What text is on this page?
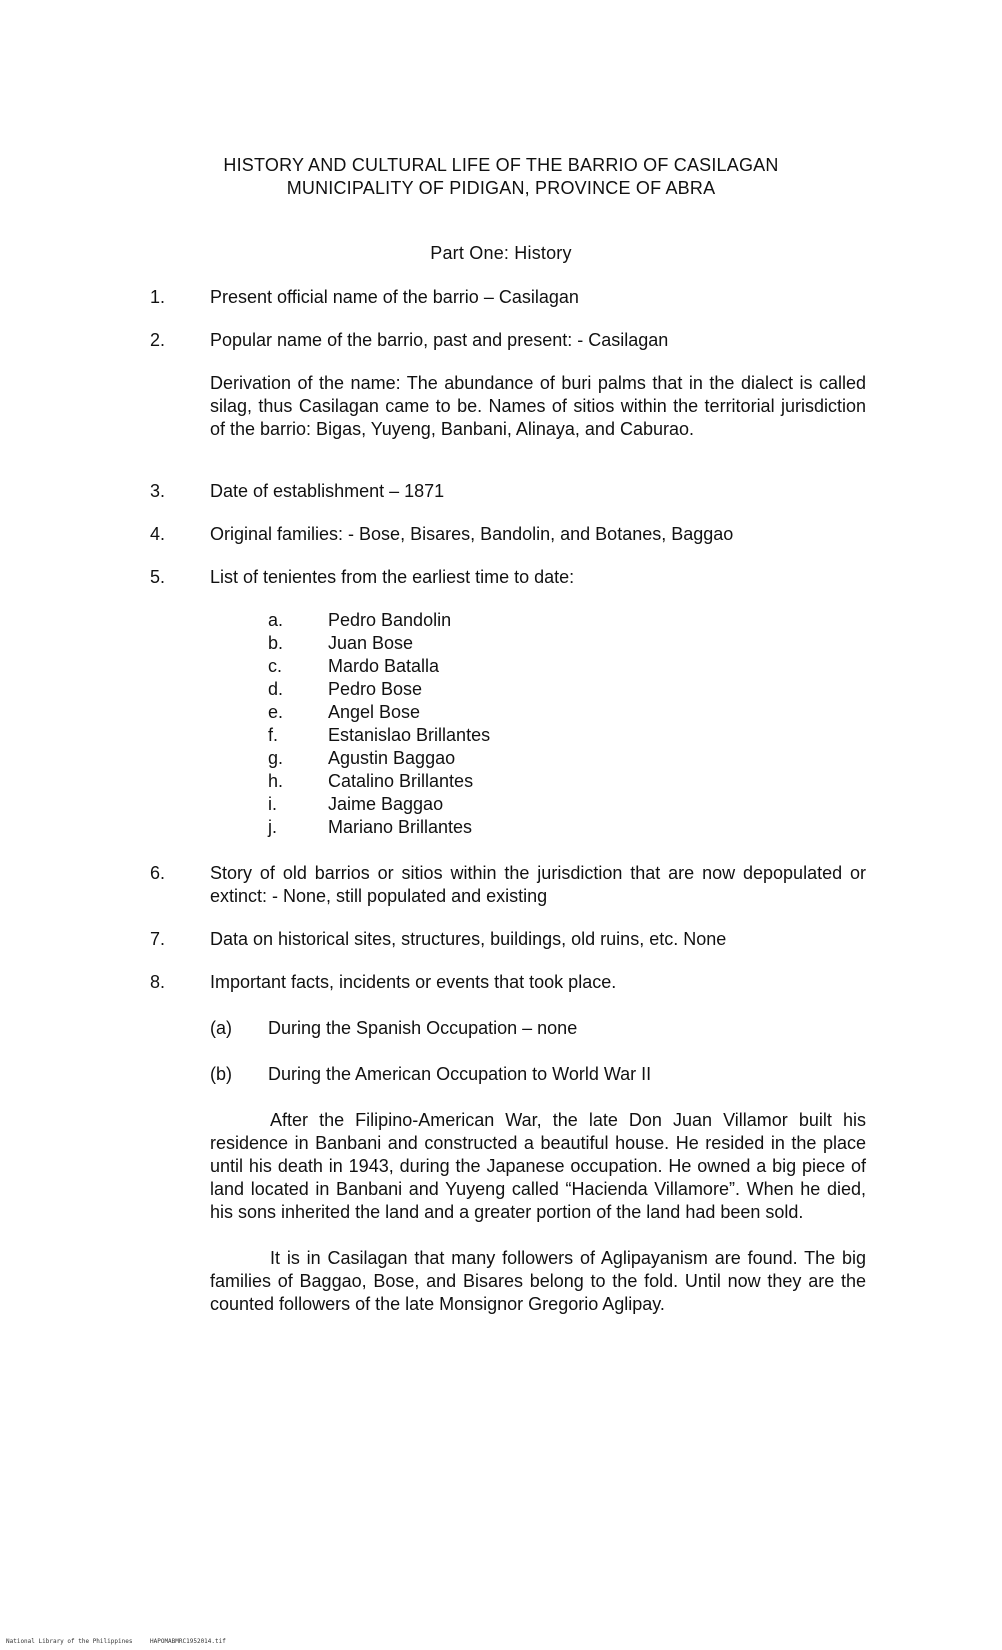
HISTORY AND CULTURAL LIFE OF THE BARRIO OF CASILAGAN
MUNICIPALITY OF PIDIGAN, PROVINCE OF ABRA
Part One: History
1. Present official name of the barrio – Casilagan
2. Popular name of the barrio, past and present: - Casilagan
Derivation of the name: The abundance of buri palms that in the dialect is called silag, thus Casilagan came to be. Names of sitios within the territorial jurisdiction of the barrio: Bigas, Yuyeng, Banbani, Alinaya, and Caburao.
3. Date of establishment – 1871
4. Original families: - Bose, Bisares, Bandolin, and Botanes, Baggao
5. List of tenientes from the earliest time to date:
a. Pedro Bandolin
b. Juan Bose
c.	Mardo Batalla
d. Pedro Bose
e. Angel Bose
f.	Estanislao Brillantes
g. Agustin Baggao
h. Catalino Brillantes
i.	Jaime Baggao
j.	Mariano Brillantes
6. Story of old barrios or sitios within the jurisdiction that are now depopulated or extinct: - None, still populated and existing
7. Data on historical sites, structures, buildings, old ruins, etc. None
8. Important facts, incidents or events that took place.
(a) During the Spanish Occupation – none
(b) During the American Occupation to World War II
After the Filipino-American War, the late Don Juan Villamor built his residence in Banbani and constructed a beautiful house. He resided in the place until his death in 1943, during the Japanese occupation. He owned a big piece of land located in Banbani and Yuyeng called “Hacienda Villamore”. When he died, his sons inherited the land and a greater portion of the land had been sold.
It is in Casilagan that many followers of Aglipayanism are found. The big families of Baggao, Bose, and Bisares belong to the fold. Until now they are the counted followers of the late Monsignor Gregorio Aglipay.
National Library of the Philippines	HAPOMABMRC1952014.tif
